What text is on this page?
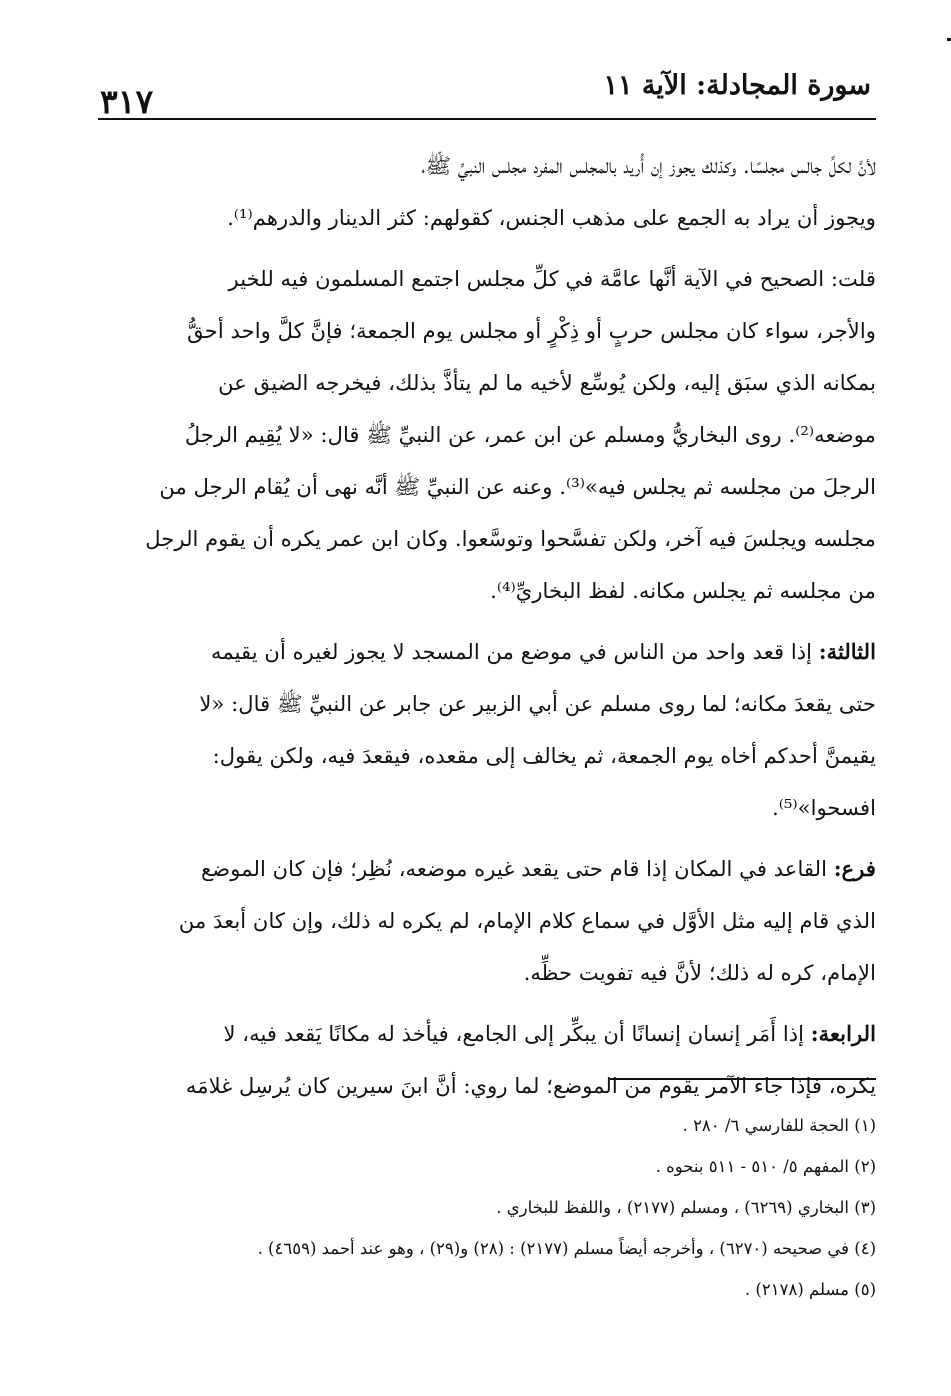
سورة المجادلة: الآية ١١
٣١٧

لأنَّ لكلِّ جالس مجلسًا. وكذلك يجوز إن أُريد بالمجلس المفرد مجلس النبيِّ ﷺ،
ويجوز أن يراد به الجمع على مذهب الجنس، كقولهم: كثر الدينار والدرهم⁽¹⁾.

قلت: الصحيح في الآية أنَّها عامَّة في كلِّ مجلس اجتمع المسلمون فيه للخير
والأجر، سواء كان مجلس حربٍ أو ذِكْرٍ أو مجلس يوم الجمعة؛ فإنَّ كلَّ واحد أحقُّ
بمكانه الذي سبَق إليه، ولكن يُوسِّع لأخيه ما لم يتأذَّ بذلك، فيخرجه الضيق عن
موضعه⁽²⁾. روى البخاريُّ ومسلم عن ابن عمر، عن النبيِّ ﷺ قال: «لا يُقِيم الرجلُ
الرجلَ من مجلسه ثم يجلس فيه»⁽³⁾. وعنه عن النبيِّ ﷺ أنَّه نهى أن يُقام الرجل من
مجلسه ويجلسَ فيه آخر، ولكن تفسَّحوا وتوسَّعوا. وكان ابن عمر يكره أن يقوم الرجل
من مجلسه ثم يجلس مكانه. لفظ البخاريِّ⁽⁴⁾.

الثالثة: إذا قعد واحد من الناس في موضع من المسجد لا يجوز لغيره أن يقيمه
حتى يقعدَ مكانه؛ لما روى مسلم عن أبي الزبير عن جابر عن النبيِّ ﷺ قال: «لا
يقيمنَّ أحدكم أخاه يوم الجمعة، ثم يخالف إلى مقعده، فيقعدَ فيه، ولكن يقول:
افسحوا»⁽⁵⁾.

فرع: القاعد في المكان إذا قام حتى يقعد غيره موضعه، نُظِر؛ فإن كان الموضع
الذي قام إليه مثل الأوَّل في سماع كلام الإمام، لم يكره له ذلك، وإن كان أبعدَ من
الإمام، كره له ذلك؛ لأنَّ فيه تفويت حظِّه.

الرابعة: إذا أَمَر إنسان إنسانًا أن يبكِّر إلى الجامع، فيأخذ له مكانًا يَقعد فيه، لا
يكره، فإذا جاء الآمر يقوم من الموضع؛ لما روي: أنَّ ابنَ سيرين كان يُرسِل غلامَه

(١) الحجة للفارسي ٦/ ٢٨٠ .

(٢) المفهم ٥/ ٥١٠ - ٥١١ بنحوه .

(٣) البخاري (٦٢٦٩) ، ومسلم (٢١٧٧) ، واللفظ للبخاري .

(٤) في صحيحه (٦٢٧٠) ، وأخرجه أيضاً مسلم (٢١٧٧) : (٢٨) و(٢٩) ، وهو عند أحمد (٤٦٥٩) .

(٥) مسلم (٢١٧٨) .
